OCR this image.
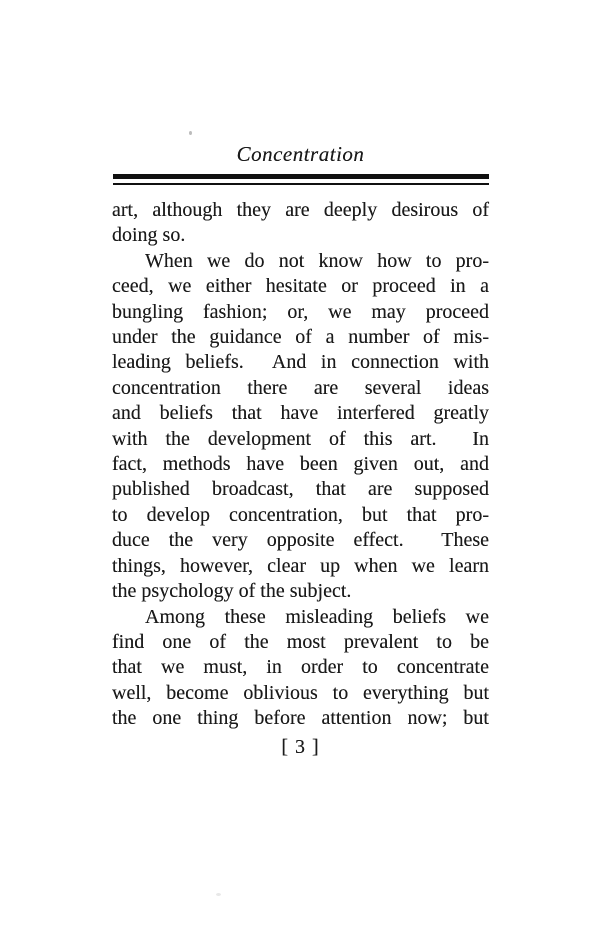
Concentration
art, although they are deeply desirous of
doing so.
When we do not know how to pro-
ceed, we either hesitate or proceed in a
bungling fashion; or, we may proceed
under the guidance of a number of mis-
leading beliefs.  And in connection with
concentration there are several ideas
and beliefs that have interfered greatly
with the development of this art.  In
fact, methods have been given out, and
published broadcast, that are supposed
to develop concentration, but that pro-
duce the very opposite effect.  These
things, however, clear up when we learn
the psychology of the subject.
Among these misleading beliefs we
find one of the most prevalent to be
that we must, in order to concentrate
well, become oblivious to everything but
the one thing before attention now; but
[ 3 ]
